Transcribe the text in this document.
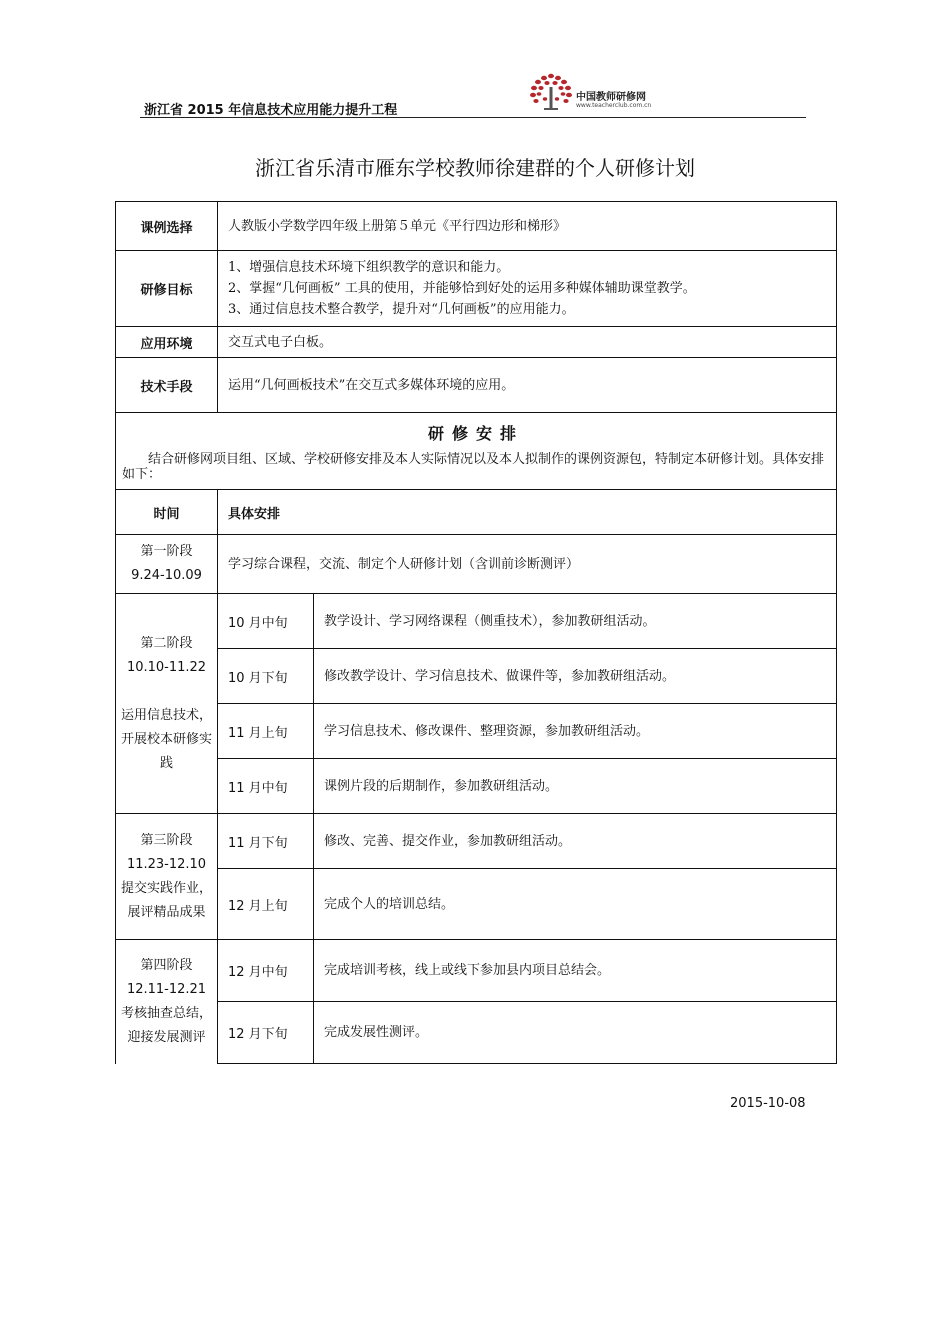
浙江省 2015 年信息技术应用能力提升工程
中国教师研修网
www.teacherclub.com.cn
浙江省乐清市雁东学校教师徐建群的个人研修计划
课例选择	人教版小学数学四年级上册第５单元《平行四边形和梯形》	
研修目标	1、增强信息技术环境下组织教学的意识和能力。
2、掌握“几何画板” 工具的使用，并能够恰到好处的运用多种媒体辅助课堂教学。
3、通过信息技术整合教学，提升对“几何画板”的应用能力。	

应用环境	交互式电子白板。	
技术手段	运用“几何画板技术”在交互式多媒体环境的应用。	

研修安排
结合研修网项目组、区域、学校研修安排及本人实际情况以及本人拟制作的课例资源包，特制定本研修计划。具体安排如下：		

时间	具体安排	

第一阶段
9.24-10.09	学习综合课程，交流、制定个人研修计划（含训前诊断测评）	

第二阶段
10.10-11.22
运用信息技术，开展校本研修实践	10 月中旬	教学设计、学习网络课程（侧重技术），参加教研组活动。
	10 月下旬	修改教学设计、学习信息技术、做课件等，参加教研组活动。
	11 月上旬	学习信息技术、修改课件、整理资源，参加教研组活动。
	11 月中旬	课例片段的后期制作，参加教研组活动。

第三阶段
11.23-12.10
提交实践作业，展评精品成果	11 月下旬	修改、完善、提交作业，参加教研组活动。
	12 月上旬	完成个人的培训总结。

第四阶段
12.11-12.21
考核抽查总结，迎接发展测评	12 月中旬	完成培训考核，线上或线下参加县内项目总结会。
	12 月下旬	完成发展性测评。
2015-10-08
